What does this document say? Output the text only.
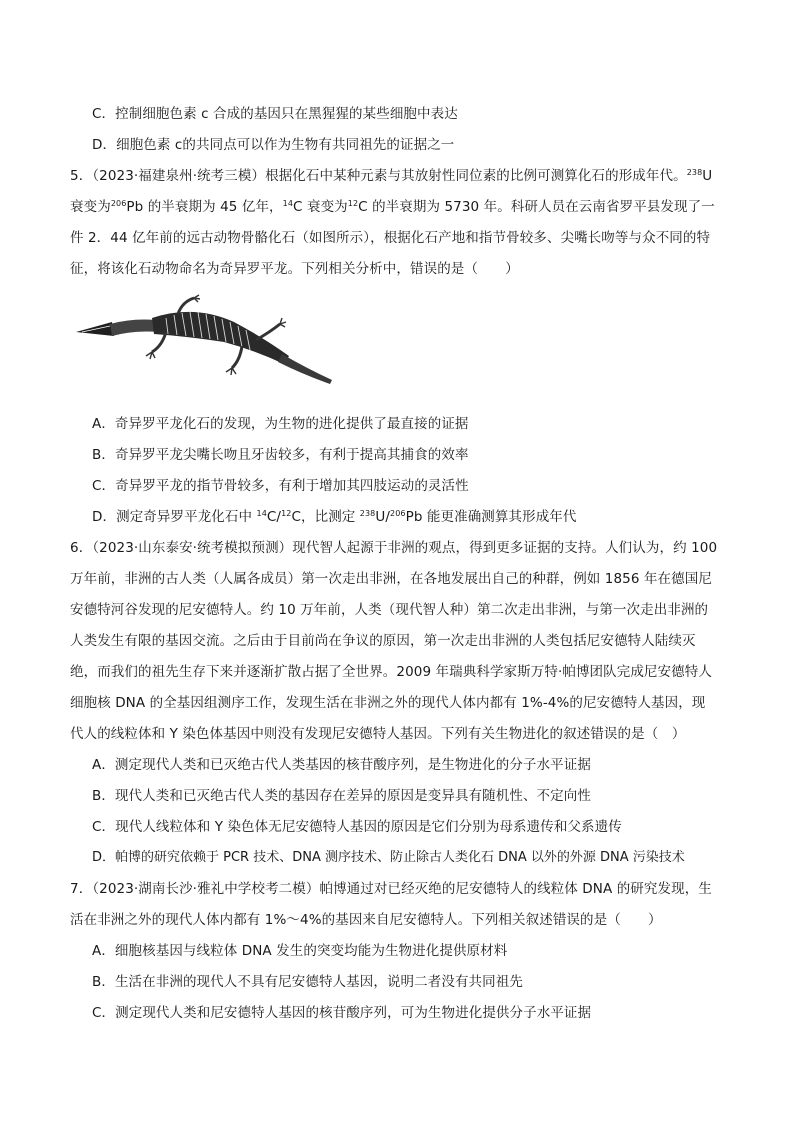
C．控制细胞色素 c 合成的基因只在黑猩猩的某些细胞中表达
D．细胞色素 c的共同点可以作为生物有共同祖先的证据之一
5．（2023·福建泉州·统考三模）根据化石中某种元素与其放射性同位素的比例可测算化石的形成年代。$^{238}$U
衰变为$^{206}$Pb 的半衰期为 45 亿年，$^{14}$C 衰变为$^{12}$C 的半衰期为 5730 年。科研人员在云南省罗平县发现了一
件 2．44 亿年前的远古动物骨骼化石（如图所示），根据化石产地和指节骨较多、尖嘴长吻等与众不同的特
征，将该化石动物命名为奇异罗平龙。下列相关分析中，错误的是（　　）
A．奇异罗平龙化石的发现，为生物的进化提供了最直接的证据
B．奇异罗平龙尖嘴长吻且牙齿较多，有利于提高其捕食的效率
C．奇异罗平龙的指节骨较多，有利于增加其四肢运动的灵活性
D．测定奇异罗平龙化石中 $^{14}$C/$^{12}$C，比测定 $^{238}$U/$^{206}$Pb 能更准确测算其形成年代
6．（2023·山东泰安·统考模拟预测）现代智人起源于非洲的观点，得到更多证据的支持。人们认为，约 100
万年前，非洲的古人类（人属各成员）第一次走出非洲，在各地发展出自己的种群，例如 1856 年在德国尼
安德特河谷发现的尼安德特人。约 10 万年前，人类（现代智人种）第二次走出非洲，与第一次走出非洲的
人类发生有限的基因交流。之后由于目前尚在争议的原因，第一次走出非洲的人类包括尼安德特人陆续灭
绝，而我们的祖先生存下来并逐渐扩散占据了全世界。2009 年瑞典科学家斯万特·帕博团队完成尼安德特人
细胞核 DNA 的全基因组测序工作，发现生活在非洲之外的现代人体内都有 1%-4%的尼安德特人基因，现
代人的线粒体和 Y 染色体基因中则没有发现尼安德特人基因。下列有关生物进化的叙述错误的是（　）
A．测定现代人类和已灭绝古代人类基因的核苷酸序列，是生物进化的分子水平证据
B．现代人类和已灭绝古代人类的基因存在差异的原因是变异具有随机性、不定向性
C．现代人线粒体和 Y 染色体无尼安德特人基因的原因是它们分别为母系遗传和父系遗传
D．帕博的研究依赖于 PCR 技术、DNA 测序技术、防止除古人类化石 DNA 以外的外源 DNA 污染技术
7．（2023·湖南长沙·雅礼中学校考二模）帕博通过对已经灭绝的尼安德特人的线粒体 DNA 的研究发现，生
活在非洲之外的现代人体内都有 1%～4%的基因来自尼安德特人。下列相关叙述错误的是（　　）
A．细胞核基因与线粒体 DNA 发生的突变均能为生物进化提供原材料
B．生活在非洲的现代人不具有尼安德特人基因，说明二者没有共同祖先
C．测定现代人类和尼安德特人基因的核苷酸序列，可为生物进化提供分子水平证据
